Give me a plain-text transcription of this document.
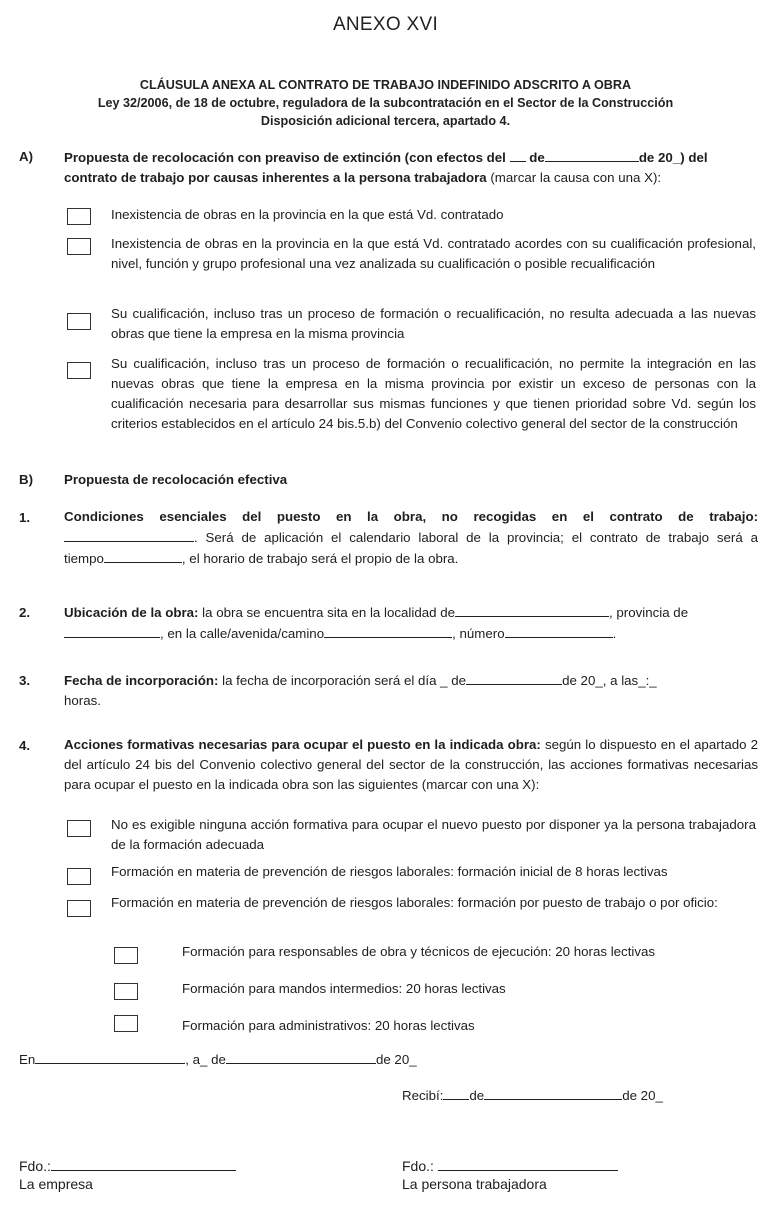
ANEXO XVI
CLÁUSULA ANEXA AL CONTRATO DE TRABAJO INDEFINIDO ADSCRITO A OBRA
Ley 32/2006, de 18 de octubre, reguladora de la subcontratación en el Sector de la Construcción
Disposición adicional tercera, apartado 4.
A) Propuesta de recolocación con preaviso de extinción (con efectos del de	de 20_) del
contrato de trabajo por causas inherentes a la persona trabajadora (marcar la causa con una X):
Inexistencia de obras en la provincia en la que está Vd. contratado
Inexistencia de obras en la provincia en la que está Vd. contratado acordes con su cualificación profesional, nivel, función y grupo profesional una vez analizada su cualificación o posible recualificación
Su cualificación, incluso tras un proceso de formación o recualificación, no resulta adecuada a las nuevas obras que tiene la empresa en la misma provincia
Su cualificación, incluso tras un proceso de formación o recualificación, no permite la integración en las nuevas obras que tiene la empresa en la misma provincia por existir un exceso de personas con la cualificación necesaria para desarrollar sus mismas funciones y que tienen prioridad sobre Vd. según los criterios establecidos en el artículo 24 bis.5.b) del Convenio colectivo general del sector de la construcción
B) Propuesta de recolocación efectiva
1.	Condiciones esenciales del puesto en la obra, no recogidas en el contrato de trabajo:
. Será de aplicación el calendario laboral de la provincia; el contrato de trabajo será a
tiempo	, el horario de trabajo será el propio de la obra.
2.	Ubicación de la obra: la obra se encuentra sita en la localidad de	, provincia de
, en la calle/avenida/camino	, número	.
3.	Fecha de incorporación: la fecha de incorporación será el día _ de	de 20_, a las_:_
horas.
4.	Acciones formativas necesarias para ocupar el puesto en la indicada obra: según lo dispuesto en el apartado 2 del artículo 24 bis del Convenio colectivo general del sector de la construcción, las acciones formativas necesarias para ocupar el puesto en la indicada obra son las siguientes (marcar con una X):
No es exigible ninguna acción formativa para ocupar el nuevo puesto por disponer ya la persona trabajadora de la formación adecuada
Formación en materia de prevención de riesgos laborales: formación inicial de 8 horas lectivas
Formación en materia de prevención de riesgos laborales: formación por puesto de trabajo o por oficio:
Formación para responsables de obra y técnicos de ejecución: 20 horas lectivas
Formación para mandos intermedios: 20 horas lectivas
Formación para administrativos: 20 horas lectivas
En	, a_ de	de 20_
Recibí: de	de 20_
Fdo.:
La empresa
Fdo.:
La persona trabajadora
